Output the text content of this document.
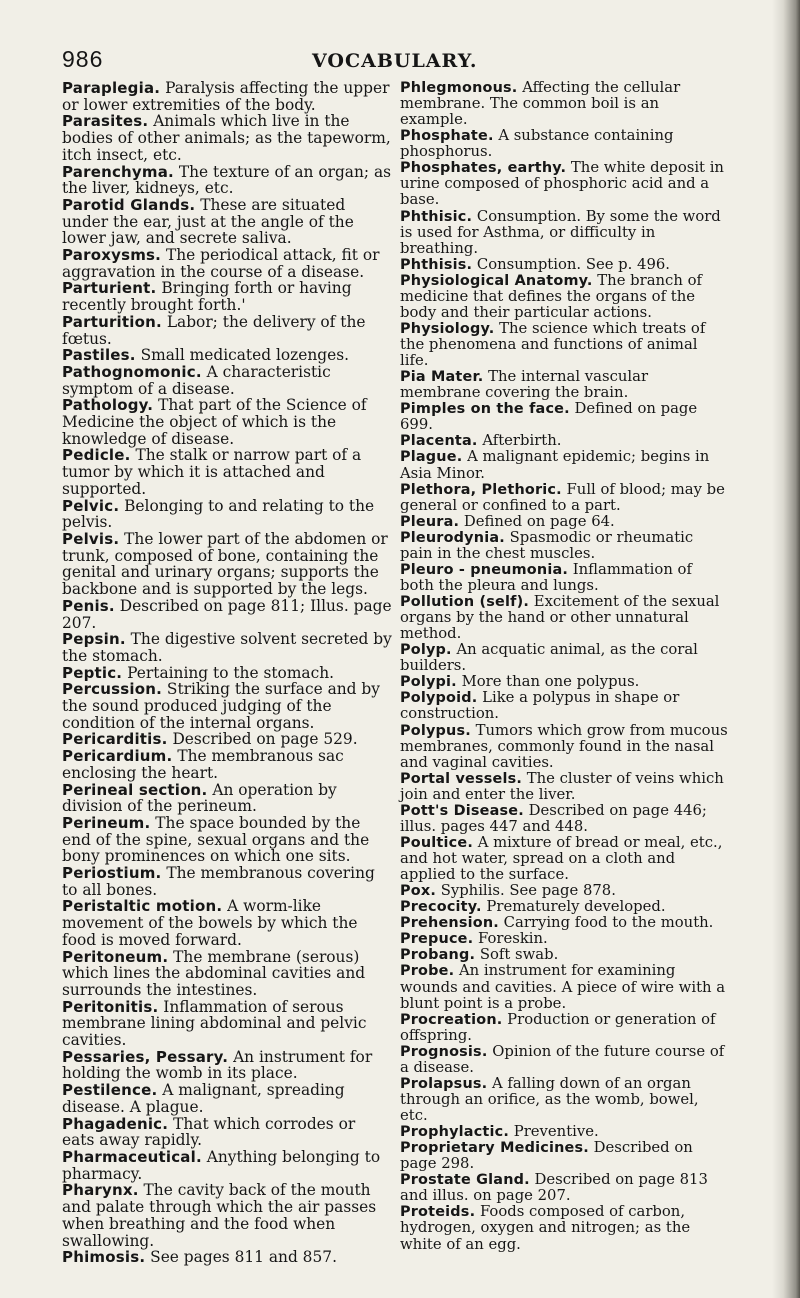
986	VOCABULARY.

Paraplegia. Paralysis affecting the upper or lower extremities of the body.

Parasites. Animals which live in the bodies of other animals; as the tapeworm, itch insect, etc.

Parenchyma. The texture of an organ; as the liver, kidneys, etc.

Parotid Glands. These are situated under the ear, just at the angle of the lower jaw, and secrete saliva.

Paroxysms. The periodical attack, fit or aggravation in the course of a disease.

Parturient. Bringing forth or having recently brought forth.'

Parturition. Labor; the delivery of the fœtus.

Pastiles. Small medicated lozenges.

Pathognomonic. A characteristic symptom of a disease.

Pathology. That part of the Science of Medicine the object of which is the knowledge of disease.

Pedicle. The stalk or narrow part of a tumor by which it is attached and supported.

Pelvic. Belonging to and relating to the pelvis.

Pelvis. The lower part of the abdomen or trunk, composed of bone, containing the genital and urinary organs; supports the backbone and is supported by the legs.

Penis. Described on page 811; Illus. page 207.

Pepsin. The digestive solvent secreted by the stomach.

Peptic. Pertaining to the stomach.

Percussion. Striking the surface and by the sound produced judging of the condition of the internal organs.

Pericarditis. Described on page 529.

Pericardium. The membranous sac enclosing the heart.

Perineal section. An operation by division of the perineum.

Perineum. The space bounded by the end of the spine, sexual organs and the bony prominences on which one sits.

Periostium. The membranous covering to all bones.

Peristaltic motion. A worm-like movement of the bowels by which the food is moved forward.

Peritoneum. The membrane (serous) which lines the abdominal cavities and surrounds the intestines.

Peritonitis. Inflammation of serous membrane lining abdominal and pelvic cavities.

Pessaries, Pessary. An instrument for holding the womb in its place.

Pestilence. A malignant, spreading disease. A plague.

Phagadenic. That which corrodes or eats away rapidly.

Pharmaceutical. Anything belonging to pharmacy.

Pharynx. The cavity back of the mouth and palate through which the air passes when breathing and the food when swallowing.

Phimosis. See pages 811 and 857.

Phlegmonous. Affecting the cellular membrane. The common boil is an example.

Phosphate. A substance containing phosphorus.

Phosphates, earthy. The white deposit in urine composed of phosphoric acid and a base.

Phthisic. Consumption. By some the word is used for Asthma, or difficulty in breathing.

Phthisis. Consumption. See p. 496.

Physiological Anatomy. The branch of medicine that defines the organs of the body and their particular actions.

Physiology. The science which treats of the phenomena and functions of animal life.

Pia Mater. The internal vascular membrane covering the brain.

Pimples on the face. Defined on page 699.

Placenta. Afterbirth.

Plague. A malignant epidemic; begins in Asia Minor.

Plethora, Plethoric. Full of blood; may be general or confined to a part.

Pleura. Defined on page 64.

Pleurodynia. Spasmodic or rheumatic pain in the chest muscles.

Pleuro - pneumonia. Inflammation of both the pleura and lungs.

Pollution (self). Excitement of the sexual organs by the hand or other unnatural method.

Polyp. An acquatic animal, as the coral builders.

Polypi. More than one polypus.

Polypoid. Like a polypus in shape or construction.

Polypus. Tumors which grow from mucous membranes, commonly found in the nasal and vaginal cavities.

Portal vessels. The cluster of veins which join and enter the liver.

Pott's Disease. Described on page 446; illus. pages 447 and 448.

Poultice. A mixture of bread or meal, etc., and hot water, spread on a cloth and applied to the surface.

Pox. Syphilis. See page 878.

Precocity. Prematurely developed.

Prehension. Carrying food to the mouth.

Prepuce. Foreskin.

Probang. Soft swab.

Probe. An instrument for examining wounds and cavities. A piece of wire with a blunt point is a probe.

Procreation. Production or generation of offspring.

Prognosis. Opinion of the future course of a disease.

Prolapsus. A falling down of an organ through an orifice, as the womb, bowel, etc.

Prophylactic. Preventive.

Proprietary Medicines. Described on page 298.

Prostate Gland. Described on page 813 and illus. on page 207.

Proteids. Foods composed of carbon, hydrogen, oxygen and nitrogen; as the white of an egg.
